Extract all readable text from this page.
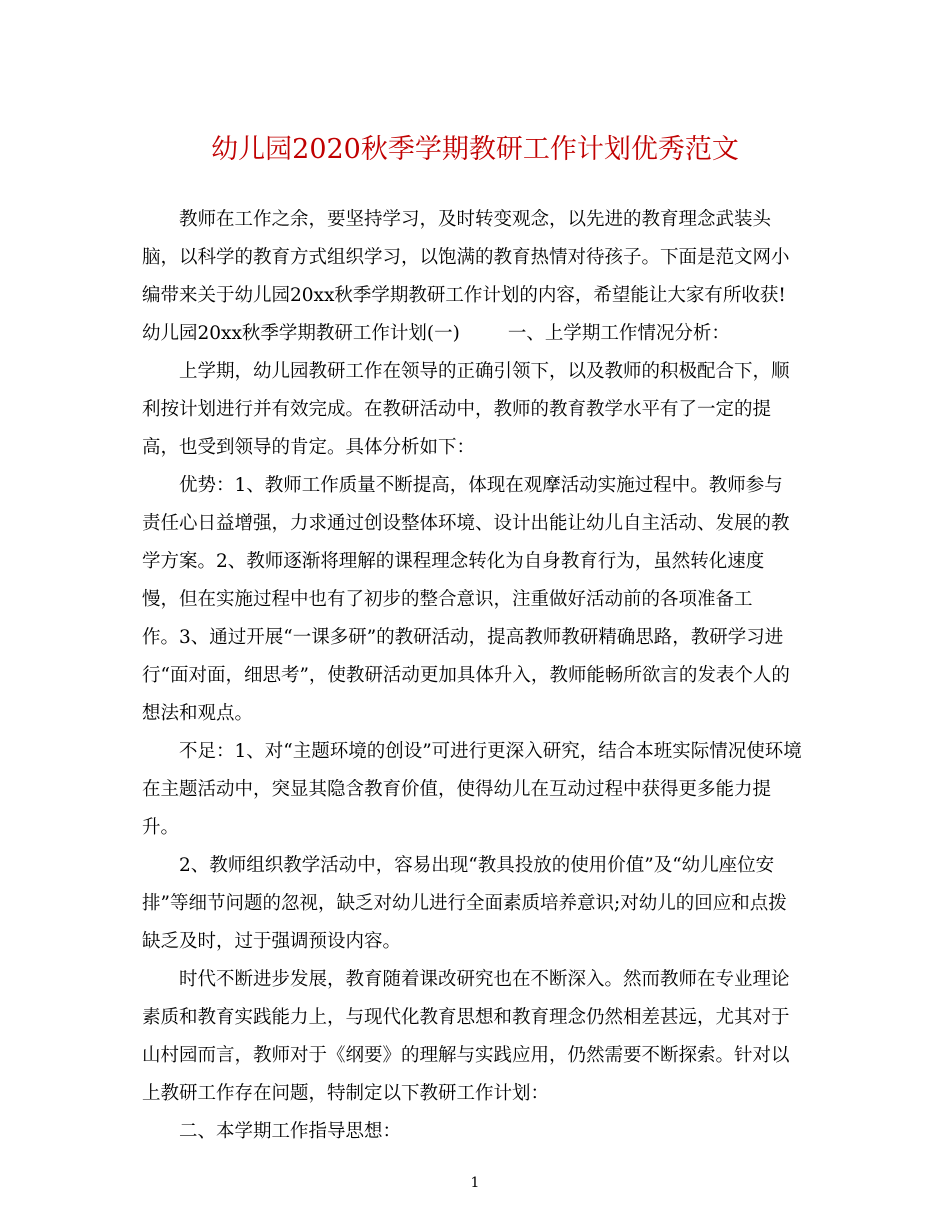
幼儿园2020秋季学期教研工作计划优秀范文
　　教师在工作之余，要坚持学习，及时转变观念，以先进的教育理念武装头
脑，以科学的教育方式组织学习，以饱满的教育热情对待孩子。下面是范文网小
编带来关于幼儿园20xx秋季学期教研工作计划的内容，希望能让大家有所收获!
幼儿园20xx秋季学期教研工作计划(一)	一、上学期工作情况分析：
　　上学期，幼儿园教研工作在领导的正确引领下，以及教师的积极配合下，顺
利按计划进行并有效完成。在教研活动中，教师的教育教学水平有了一定的提
高，也受到领导的肯定。具体分析如下：
　　优势：1、教师工作质量不断提高，体现在观摩活动实施过程中。教师参与
责任心日益增强，力求通过创设整体环境、设计出能让幼儿自主活动、发展的教
学方案。2、教师逐渐将理解的课程理念转化为自身教育行为，虽然转化速度
慢，但在实施过程中也有了初步的整合意识，注重做好活动前的各项准备工
作。3、通过开展“一课多研”的教研活动，提高教师教研精确思路，教研学习进
行“面对面，细思考”，使教研活动更加具体升入，教师能畅所欲言的发表个人的
想法和观点。
　　不足：1、对“主题环境的创设”可进行更深入研究，结合本班实际情况使环境
在主题活动中，突显其隐含教育价值，使得幼儿在互动过程中获得更多能力提
升。
　　2、教师组织教学活动中，容易出现“教具投放的使用价值”及“幼儿座位安
排”等细节问题的忽视，缺乏对幼儿进行全面素质培养意识;对幼儿的回应和点拨
缺乏及时，过于强调预设内容。
　　时代不断进步发展，教育随着课改研究也在不断深入。然而教师在专业理论
素质和教育实践能力上，与现代化教育思想和教育理念仍然相差甚远，尤其对于
山村园而言，教师对于《纲要》的理解与实践应用，仍然需要不断探索。针对以
上教研工作存在问题，特制定以下教研工作计划：
　　二、本学期工作指导思想：
1
